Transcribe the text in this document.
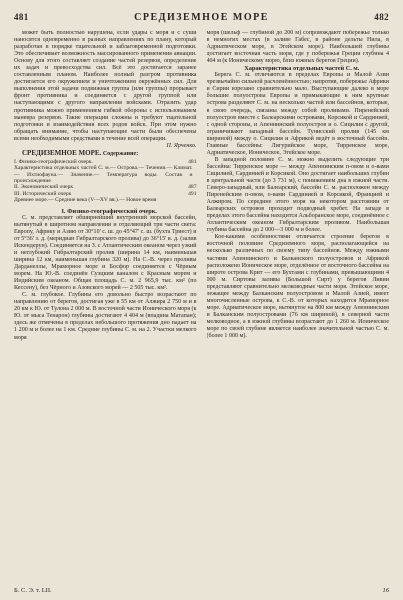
481	СРЕДИЗЕМНОЕ МОРЕ	482

может быть полностью нарушена, если удары с моря и с суши наносятся одновременно в разных направлениях по плану, который разработан в порядке тщательной и заблаговременной подготовки. Это обеспечивает возможность массированного применения авиации. Основу для этого составляет создание частей резервов, определение их задач и превосходства сил. Всё это достигается заранее составленным планом. Наиболее полный разгром противника достигается его окружением и уничтожением окружённых сил. Для выполнения этой задачи подвижная группа (или группы) прорывает фронт противника и соединяется с другой группой или наступающими с другого направления войсками. Отразить удар противника можно применением гибкой обороны с использованием маневра резервов. Такие операции сложны и требуют тщательной подготовки и взаимодействия всех родов войск. При этом нужно обращать внимание, чтобы наступающие части были обеспечены всеми необходимыми средствами в течение всей операции.

П. Ярченко.

СРЕДИЗЕМНОЕ МОРЕ. Содержание:

I. Физико-географический очерк.	481
Характеристика отдельных частей С. м.— Острова.— Течения.— Климат.— Ихтиофауна.— Значение.— Температура воды. Состав и происхождение
II. Экономический очерк	487
III. Исторический очерк	491
Древнее море.— Средние века (V—XV вв.).— Новое время

I. Физико-географический очерк.

С. м. представляет обширнейший внутренний морской бассейн, вытянутый в широтном направлении и отделяющий три части света: Европу, Африку и Азию от 30°10' с. ш. до 45°47' с. ш. (бухта Триест) и от 5°36' з. д. (меридиан Гибралтарского пролива) до 36°15' в. д. (залив Искендерун). Соединяется на З. с Атлантическим океаном через узкий и неглубокий Гибралтарский пролив (ширина 14 км, наименьшая ширина 12 км, наименьшая глубина 320 м). На С.-В. через проливы Дарданеллы, Мраморное море и Босфор соединяется с Чёрным морем. На Ю.-В. соединён Суэцким каналом с Красным морем и Индийским океаном. Общая площадь С. м. 2 965,9 тыс. км² (по Кессену), без Чёрного и Азовского морей — 2 505 тыс. км².

С. м. глубокое. Глубины его довольно быстро возрастают по направлению от берегов, достигая уже в 55 км от Алжира 2 750 м и в 20 км к Ю. от Тулона 2 000 м. В восточной части Ионического моря (к Ю. от мыса Тенарон) глубины достигают 4 404 м (впадина Матапан); здесь же отмечены в пределах небольшого протяжения дно падает на 1 200 м и более на 1 км. Средние глубины С. м. на 2. Участки мелкого моря

моря (шельф — глубиной до 200 м) сопровождают побережье только в немногих местах (в заливе Габес, в районе дельты Нила, в Адриатическом море, в Эгейском море). Наибольшей глубины достигает восточная часть моря, где у побережья Греции глубина 4 404 м (к Ионическому морю, близ южных берегов Греции).

Характеристика отдельных частей С. м.

Берега С. м. отличаются в пределах Европы и Малой Азии чрезвычайно сильной расчленённостью; напротив, побережье Африки и Сирии изрезано сравнительно мало. Выступающие далеко в море большие полуострова Европы и примыкающие к ним крупные острова разделяют С. м. на несколько частей или бассейнов, которые, в свою очередь, связаны между собой проливами. Пиренейский полуостров вместе с Балеарскими островами, Корсикой и Сардинией, с одной стороны, и Апеннинский полуостров и о. Сицилия с другой, ограничивают западный бассейн. Тунисский пролив (145 км шириной) между о. Сицилия и Африкой ведёт в восточный бассейн. Главные бассейны: Лигурийское море, Тирренское море, Адриатическое, Ионическое, Эгейское море.

В западной половине С. м. можно выделить следующие три бассейна: Тирренское море — между Апеннинским п-овом и о-вами Сицилией, Сардинией и Корсикой. Оно достигает наибольших глубин в центральной части (до 3 731 м), с понижением дна в южной части. Северо-западный, или Балеарский, бассейн С. м. расположен между Пиренейским п-овом, о-вами Сардинией и Корсикой, Францией и Алжиром. По середине этого моря на некотором расстоянии от Балеарских островов проходит подводный хребет. На западе в пределах этого бассейна находится Альборанское море, соединённое с Атлантическим океаном Гибралтарским проливом. Наибольшая глубина бассейна до 2 000—3 000 м и более.

Кое-какими особенностями отличается строение берегов в восточной половине Средиземного моря, располагающейся на несколько различных по своему типу бассейнов. Между южными частями Апеннинского и Балканского полуостровов и Африкой расположено Ионическое море, отделённое от восточного бассейна на широте острова Крит — его Бухтами с глубинами, превышающими 4 000 м. Сиртовы заливы (Большой Сирт) у берегов Ливии представляют сравнительно мелководные части моря. Эгейское море, лежащее между Балканским полуостровом и Малой Азией, имеет многочисленные острова, к С.-В. от которых находится Мраморное море. Адриатическое море, вытянутое на 800 км между Апеннинским и Балканским полуостровами (76 км шириной), в северной части мелководное, а в южной глубины возрастают до 1 260 м. Ионическое море по своей глубине является наиболее значительной частью С. м. (более 1 000 м).

Б. С. Э. т. LII.	16
